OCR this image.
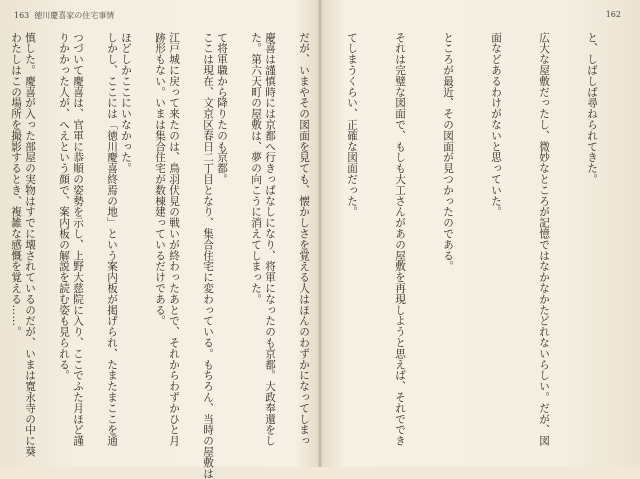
163 徳川慶喜家の住宅事情

慶喜は謹慎時には京都へ行きっぱなしになり、将軍になったのも京都。大政奉還をし

て将軍職から降りたのも京都。

江戸城に戻って来たのは、鳥羽伏見の戦いが終わったあとで、それからわずかひと月

ほどしかここにいなかった。

つづいて慶喜は、官軍に恭順の姿勢を示し、上野大慈院に入り、ここでふた月ほど謹

慎した。慶喜が入った部屋の実物はすでに壊されているのだが、いまは寛永寺の中に葵

162

と、しばしば尋ねられてきた。

広大な屋敷だったし、微妙なところが記憶ではなかなかたどれないらしい。だが、図

面などあるわけがないと思っていた。

ところが最近、その図面が見つかったのである。

それは完璧な図面で、もしも大工さんがあの屋敷を再現しようと思えば、それででき

てしまうくらい、正確な図面だった。

だが、いまやその図面を見ても、懐かしさを覚える人はほんのわずかになってしまっ

た。第六天町の屋敷は、夢の向こうに消えてしまった。

ここは現在、文京区春日二丁目となり、集合住宅に変わっている。もちろん、当時の屋敷は

跡形もない。いまは集合住宅が数棟建っているだけである。

しかし、ここには「徳川慶喜終焉の地」という案内板が掲げられ、たまたまここを通

りかかった人が、へえという顔で、案内板の解説を読む姿も見られる。

わたしはこの場所を撮影するとき、複雑な感慨を覚える……。
